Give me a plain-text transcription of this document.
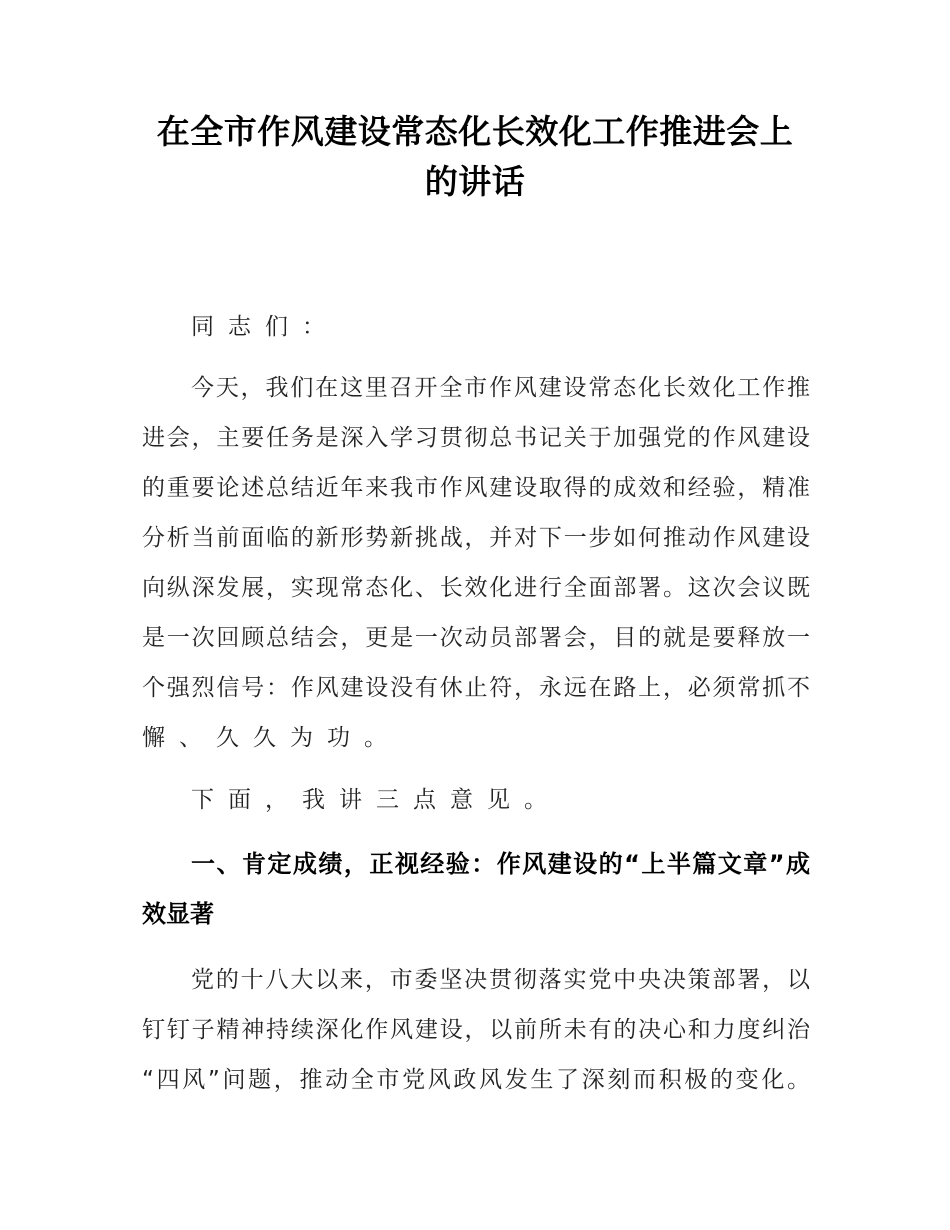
在全市作风建设常态化长效化工作推进会上
的讲话
同志们：
今天，我们在这里召开全市作风建设常态化长效化工作推
进会，主要任务是深入学习贯彻总书记关于加强党的作风建设
的重要论述总结近年来我市作风建设取得的成效和经验，精准
分析当前面临的新形势新挑战，并对下一步如何推动作风建设
向纵深发展，实现常态化、长效化进行全面部署。这次会议既
是一次回顾总结会，更是一次动员部署会，目的就是要释放一
个强烈信号：作风建设没有休止符，永远在路上，必须常抓不
懈、久久为功。
下面，我讲三点意见。
一、肯定成绩，正视经验：作风建设的“上半篇文章”成
效显著
党的十八大以来，市委坚决贯彻落实党中央决策部署，以
钉钉子精神持续深化作风建设，以前所未有的决心和力度纠治
“四风”问题，推动全市党风政风发生了深刻而积极的变化。
